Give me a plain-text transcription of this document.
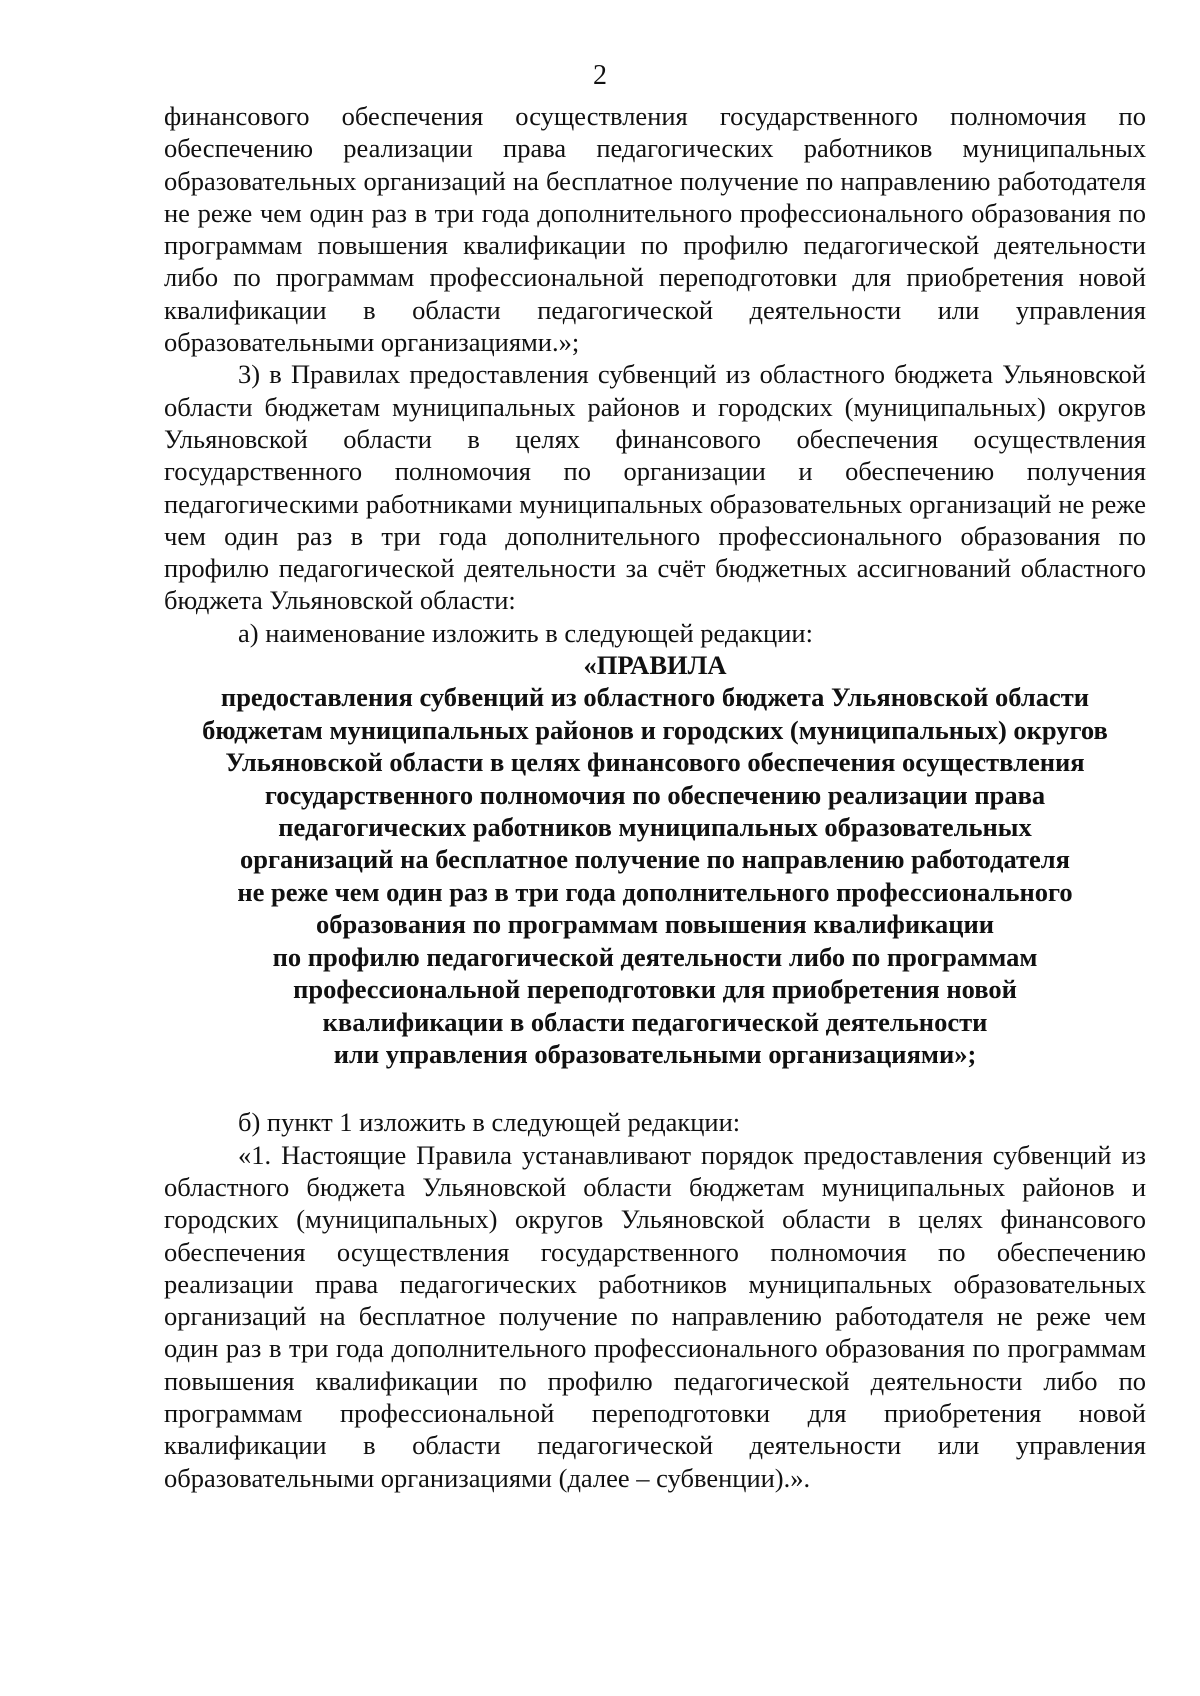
2

финансового обеспечения осуществления государственного полномочия по обеспечению реализации права педагогических работников муниципальных образовательных организаций на бесплатное получение по направлению работодателя не реже чем один раз в три года дополнительного профессионального образования по программам повышения квалификации по профилю педагогической деятельности либо по программам профессиональной переподготовки для приобретения новой квалификации в области педагогической деятельности или управления образовательными организациями.»;

3) в Правилах предоставления субвенций из областного бюджета Ульяновской области бюджетам муниципальных районов и городских (муниципальных) округов Ульяновской области в целях финансового обеспечения осуществления государственного полномочия по организации и обеспечению получения педагогическими работниками муниципальных образовательных организаций не реже чем один раз в три года дополнительного профессионального образования по профилю педагогической деятельности за счёт бюджетных ассигнований областного бюджета Ульяновской области:

а) наименование изложить в следующей редакции:

«ПРАВИЛА
предоставления субвенций из областного бюджета Ульяновской области
бюджетам муниципальных районов и городских (муниципальных) округов
Ульяновской области в целях финансового обеспечения осуществления
государственного полномочия по обеспечению реализации права
педагогических работников муниципальных образовательных
организаций на бесплатное получение по направлению работодателя
не реже чем один раз в три года дополнительного профессионального
образования по программам повышения квалификации
по профилю педагогической деятельности либо по программам
профессиональной переподготовки для приобретения новой
квалификации в области педагогической деятельности
или управления образовательными организациями»;

б) пункт 1 изложить в следующей редакции:

«1. Настоящие Правила устанавливают порядок предоставления субвенций из областного бюджета Ульяновской области бюджетам муниципальных районов и городских (муниципальных) округов Ульяновской области в целях финансового обеспечения осуществления государственного полномочия по обеспечению реализации права педагогических работников муниципальных образовательных организаций на бесплатное получение по направлению работодателя не реже чем один раз в три года дополнительного профессионального образования по программам повышения квалификации по профилю педагогической деятельности либо по программам профессиональной переподготовки для приобретения новой квалификации в области педагогической деятельности или управления образовательными организациями (далее – субвенции).».
